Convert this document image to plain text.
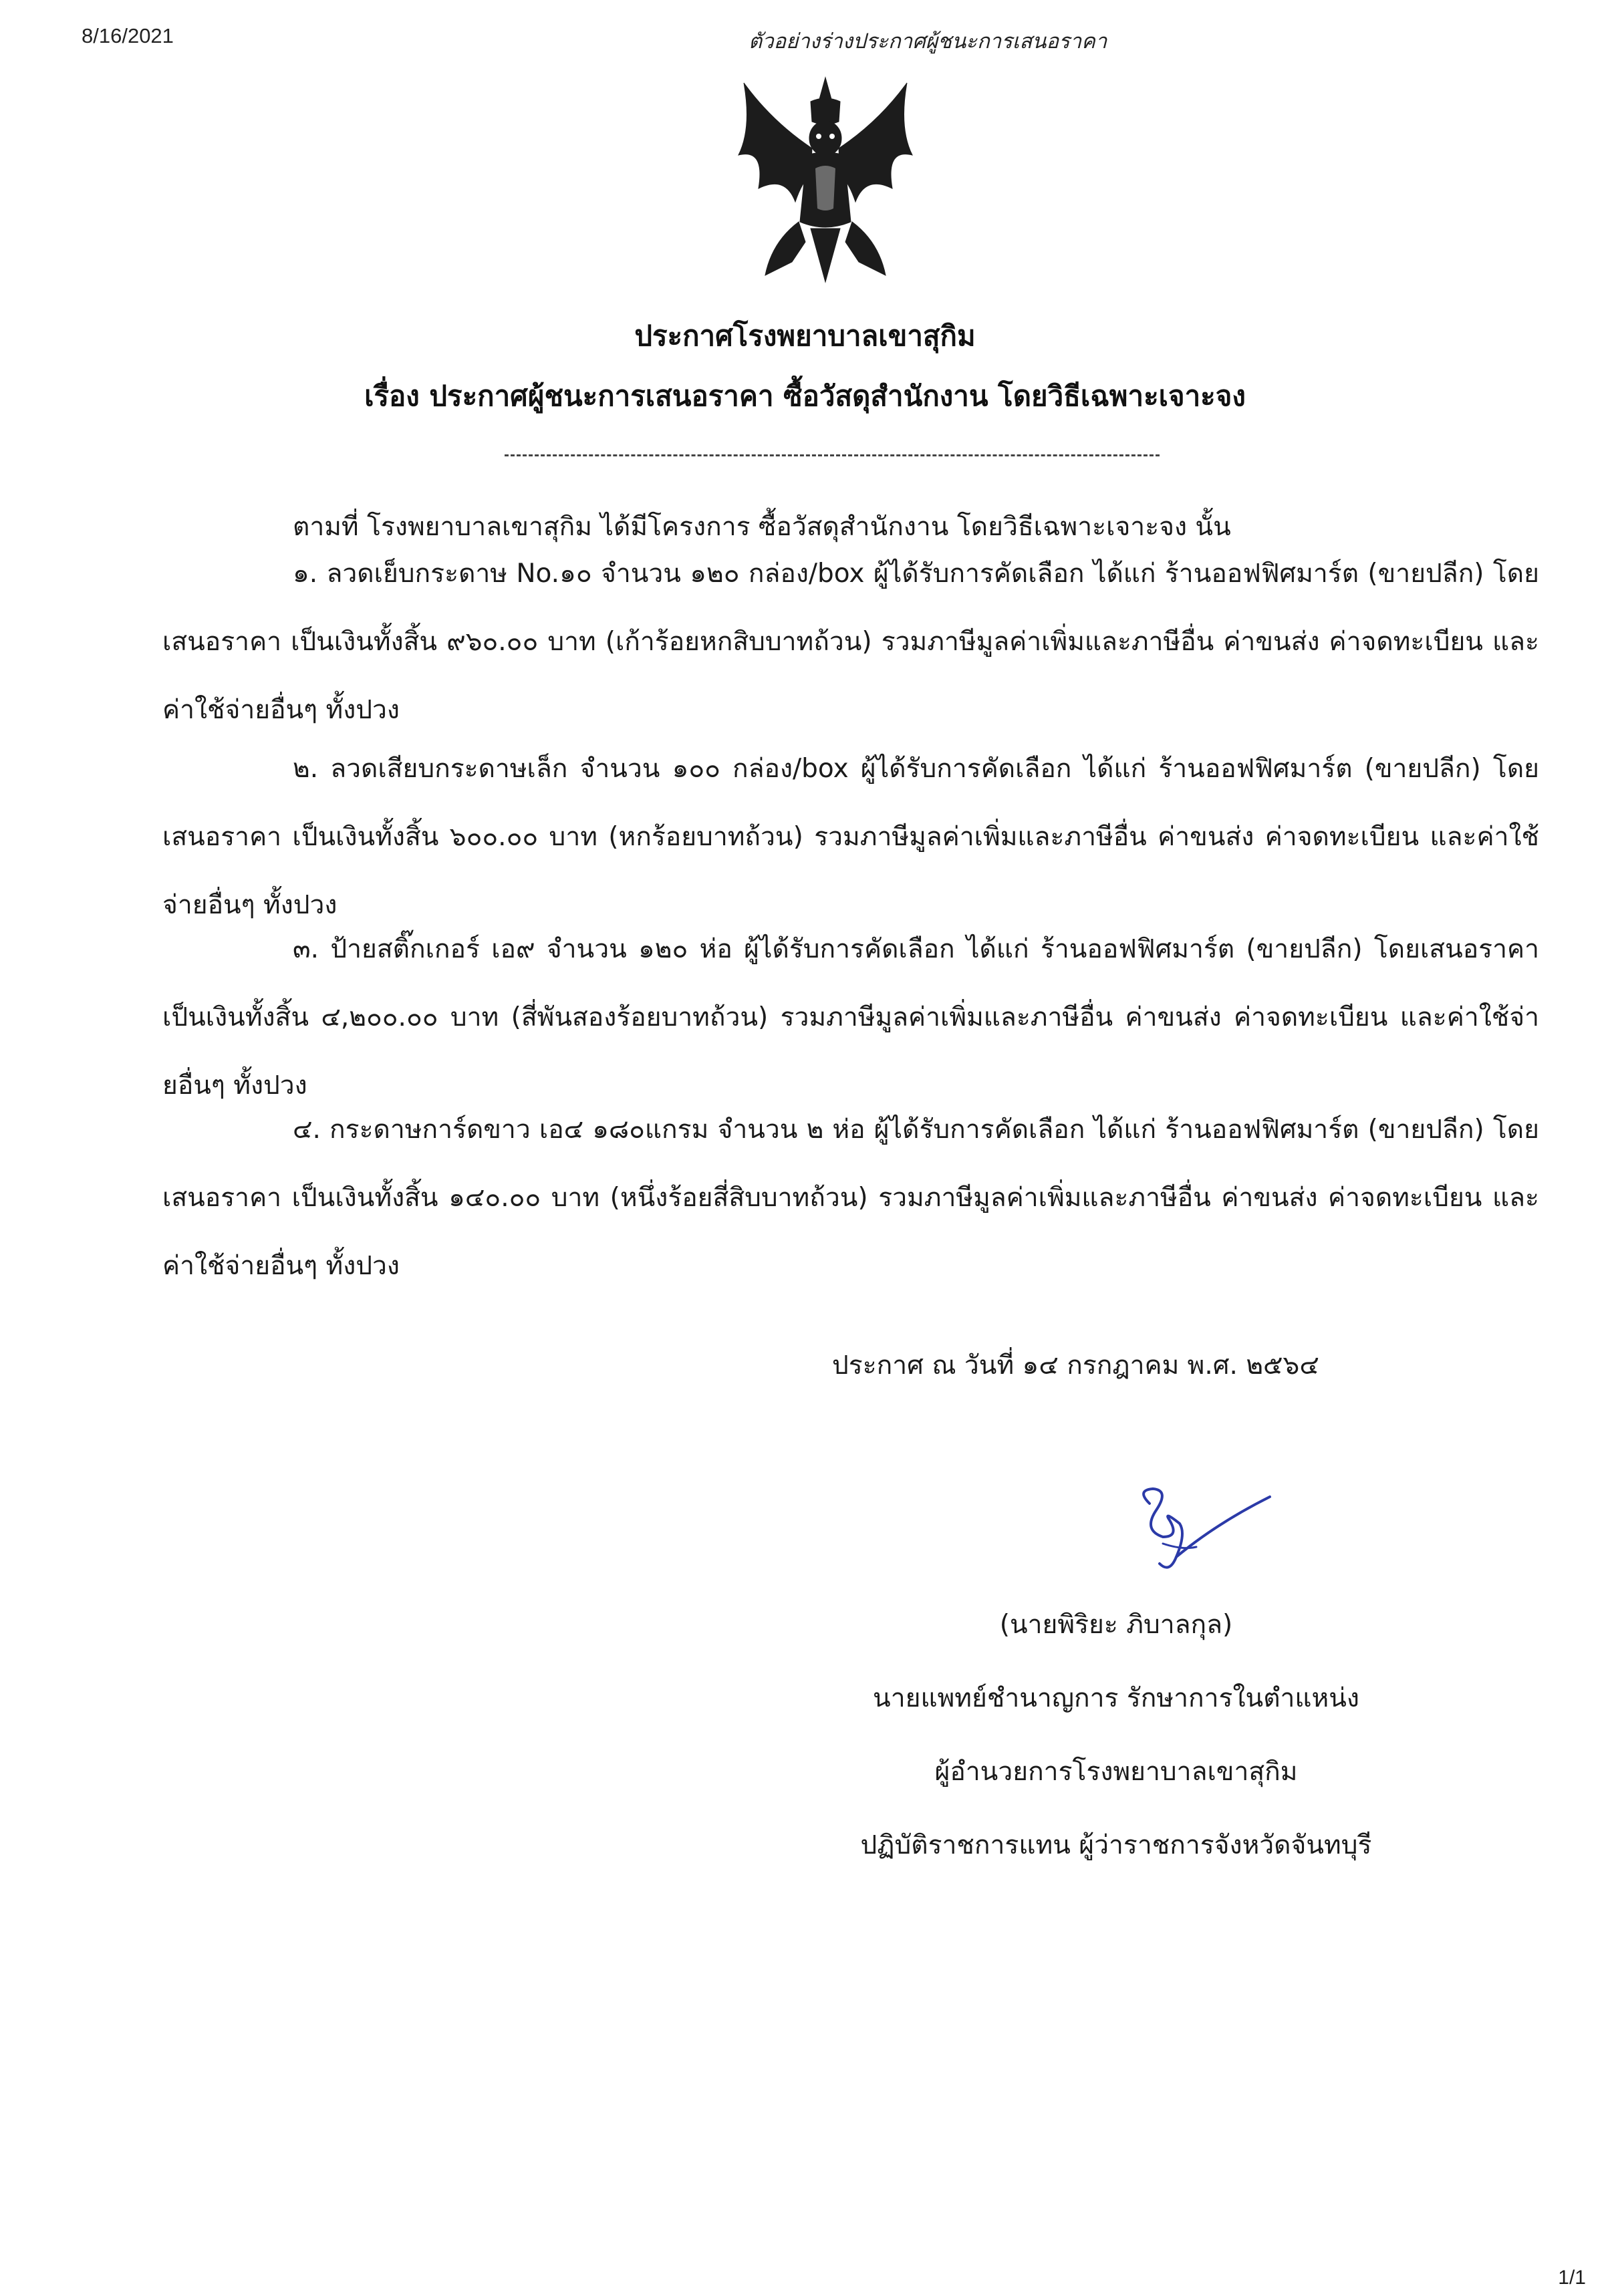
8/16/2021	ตัวอย่างร่างประกาศผู้ชนะการเสนอราคา
ประกาศโรงพยาบาลเขาสุกิม
เรื่อง ประกาศผู้ชนะการเสนอราคา ซื้อวัสดุสำนักงาน โดยวิธีเฉพาะเจาะจง
ตามที่ โรงพยาบาลเขาสุกิม ได้มีโครงการ ซื้อวัสดุสำนักงาน โดยวิธีเฉพาะเจาะจง นั้น
๑. ลวดเย็บกระดาษ No.๑๐ จำนวน ๑๒๐ กล่อง/box ผู้ได้รับการคัดเลือก ได้แก่ ร้านออฟฟิศมาร์ต (ขายปลีก) โดยเสนอราคา เป็นเงินทั้งสิ้น ๙๖๐.๐๐ บาท (เก้าร้อยหกสิบบาทถ้วน) รวมภาษีมูลค่าเพิ่มและภาษีอื่น ค่าขนส่ง ค่าจดทะเบียน และค่าใช้จ่ายอื่นๆ ทั้งปวง
๒. ลวดเสียบกระดาษเล็ก จำนวน ๑๐๐ กล่อง/box ผู้ได้รับการคัดเลือก ได้แก่ ร้านออฟฟิศมาร์ต (ขายปลีก) โดยเสนอราคา เป็นเงินทั้งสิ้น ๖๐๐.๐๐ บาท (หกร้อยบาทถ้วน) รวมภาษีมูลค่าเพิ่มและภาษีอื่น ค่าขนส่ง ค่าจดทะเบียน และค่าใช้จ่ายอื่นๆ ทั้งปวง
๓. ป้ายสติ๊กเกอร์ เอ๙ จำนวน ๑๒๐ ห่อ ผู้ได้รับการคัดเลือก ได้แก่ ร้านออฟฟิศมาร์ต (ขายปลีก) โดยเสนอราคา เป็นเงินทั้งสิ้น ๔,๒๐๐.๐๐ บาท (สี่พันสองร้อยบาทถ้วน) รวมภาษีมูลค่าเพิ่มและภาษีอื่น ค่าขนส่ง ค่าจดทะเบียน และค่าใช้จ่ายอื่นๆ ทั้งปวง
๔. กระดาษการ์ดขาว เอ๔ ๑๘๐แกรม จำนวน ๒ ห่อ ผู้ได้รับการคัดเลือก ได้แก่ ร้านออฟฟิศมาร์ต (ขายปลีก) โดยเสนอราคา เป็นเงินทั้งสิ้น ๑๔๐.๐๐ บาท (หนึ่งร้อยสี่สิบบาทถ้วน) รวมภาษีมูลค่าเพิ่มและภาษีอื่น ค่าขนส่ง ค่าจดทะเบียน และค่าใช้จ่ายอื่นๆ ทั้งปวง
ประกาศ ณ วันที่ ๑๔ กรกฎาคม พ.ศ. ๒๕๖๔
(นายพิริยะ ภิบาลกุล)
นายแพทย์ชำนาญการ รักษาการในตำแหน่ง
ผู้อำนวยการโรงพยาบาลเขาสุกิม
ปฏิบัติราชการแทน ผู้ว่าราชการจังหวัดจันทบุรี
1/1
